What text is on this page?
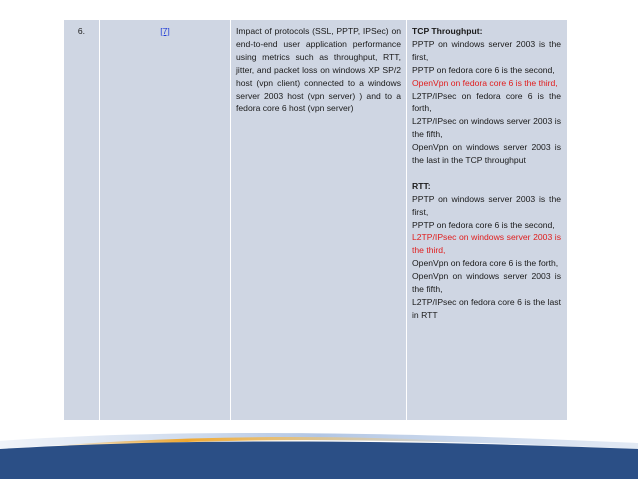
6.	[7]	Impact of protocols (SSL, PPTP, IPSec) on end-to-end user application performance using metrics such as throughput, RTT, jitter, and packet loss on windows XP SP/2 host (vpn client) connected to a windows server 2003 host (vpn server) ) and to a fedora core 6 host (vpn server)
TCP Throughput:
PPTP on windows server 2003 is the first,
PPTP on fedora core 6 is the second,
OpenVpn on fedora core 6 is the third,
L2TP/IPsec on fedora core 6 is the forth,
L2TP/IPsec on windows server 2003 is the fifth,
OpenVpn on windows server 2003 is the last in the TCP throughput
RTT:
PPTP on windows server 2003 is the first,
PPTP on fedora core 6 is the second,
L2TP/IPsec on windows server 2003 is the third,
OpenVpn on fedora core 6 is the forth,
OpenVpn on windows server 2003 is the fifth,
L2TP/IPsec on fedora core 6 is the last in RTT
